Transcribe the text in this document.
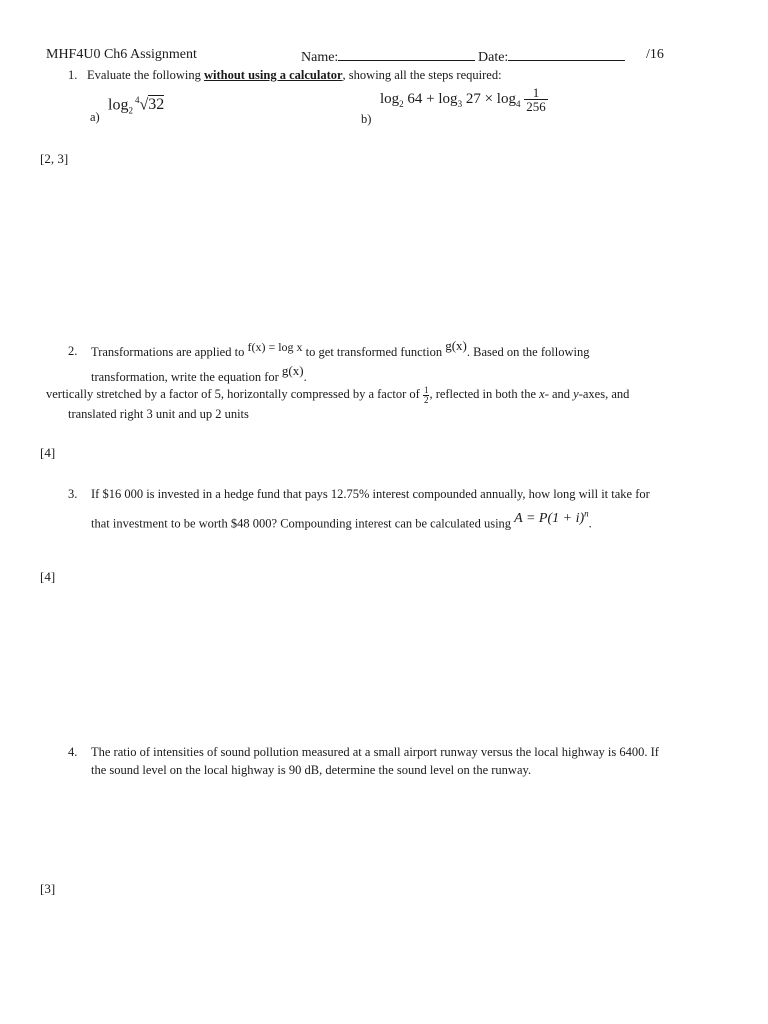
MHF4U0 Ch6 Assignment	Name:	Date:	/16
1. Evaluate the following without using a calculator, showing all the steps required:
a)
$\log_2^4√32$
b)
$\log_2 64 + \log_3 27 \times \log_4 \frac{1}{256}$
[2, 3]
2. Transformations are applied to f(x) = log x to get transformed function g(x). Based on the following
transformation, write the equation for g(x).
vertically stretched by a factor of 5, horizontally compressed by a factor of $\frac{1}{2}$ , reflected in both the x- and y-axes, and
translated right 3 unit and up 2 units
[4]
3. If $16 000 is invested in a hedge fund that pays 12.75% interest compounded annually, how long will it take for
that investment to be worth $48 000? Compounding interest can be calculated using $A = P(1 + i)^n$.
[4]
4. The ratio of intensities of sound pollution measured at a small airport runway versus the local highway is 6400. If
the sound level on the local highway is 90 dB, determine the sound level on the runway.
[3]
